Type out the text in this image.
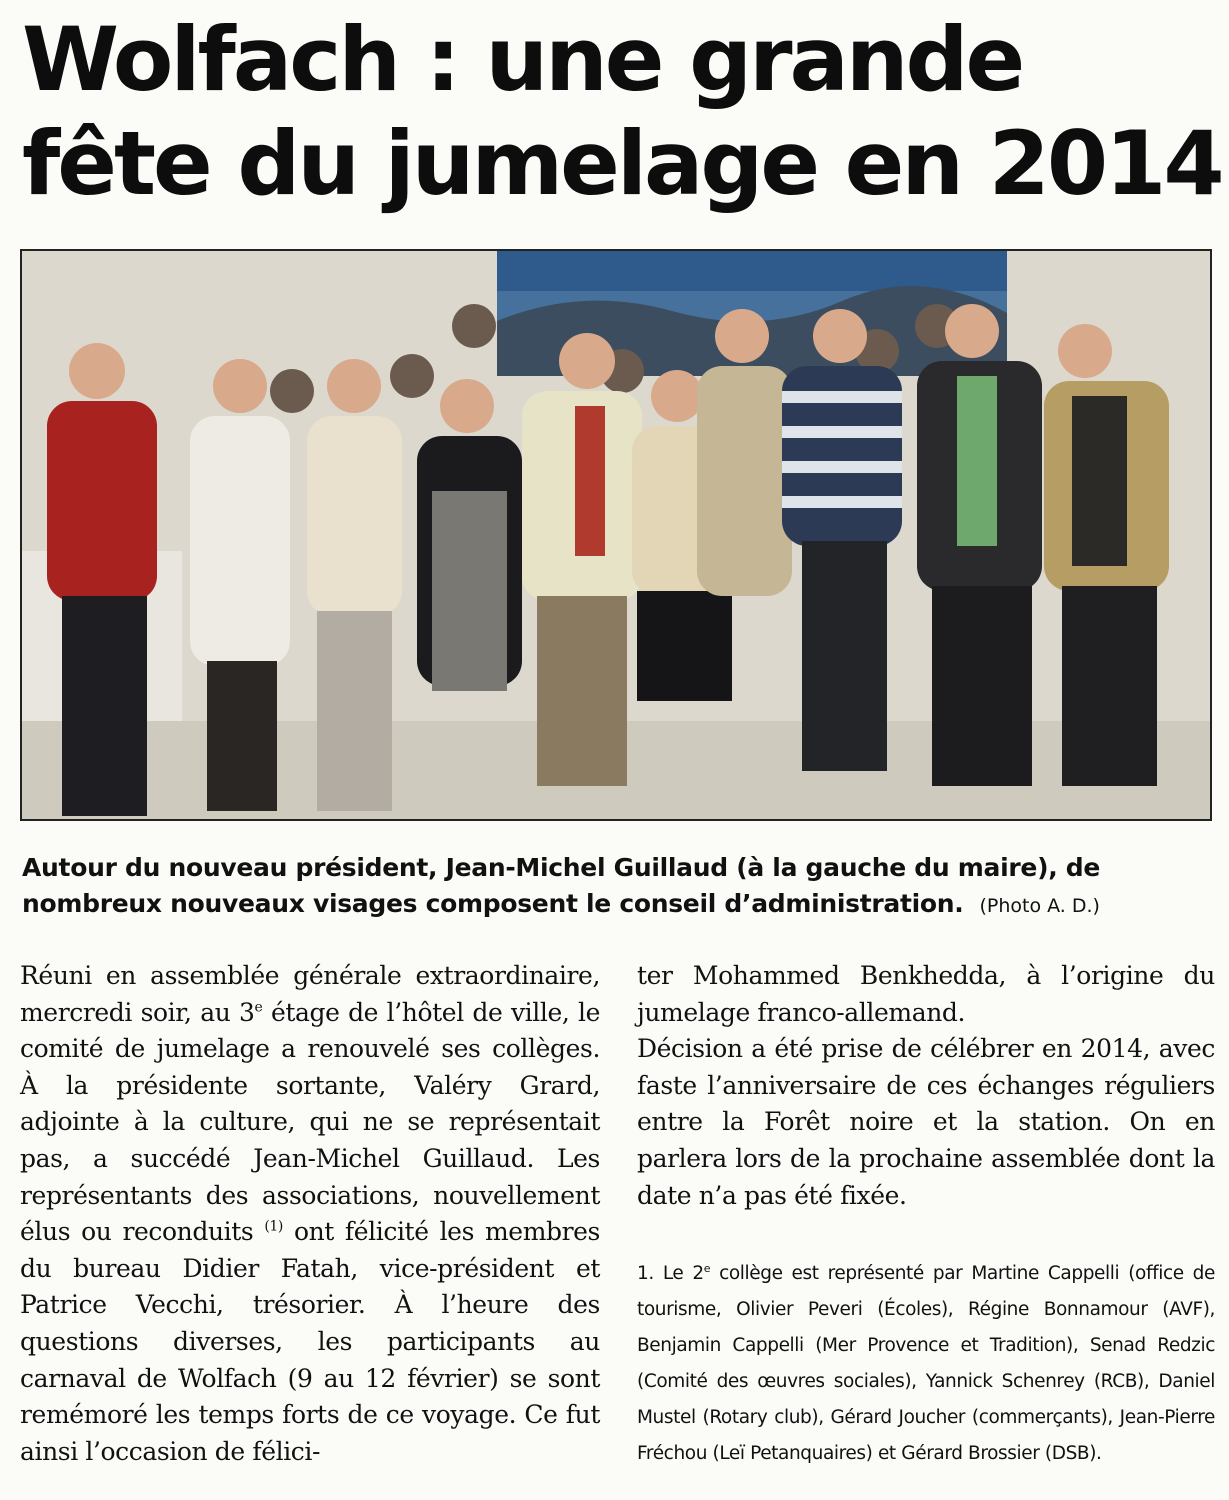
Wolfach : une grande
fête du jumelage en 2014
Autour du nouveau président, Jean-Michel Guillaud (à la gauche du maire), de nombreux nouveaux visages composent le conseil d’administration. (Photo A. D.)

Réuni en assemblée générale extraordinaire, mercredi soir, au 3e étage de l’hôtel de ville, le comité de jumelage a renouvelé ses collèges. À la présidente sortante, Valéry Grard, adjointe à la culture, qui ne se représentait pas, a succédé Jean-Michel Guillaud. Les représentants des associations, nouvellement élus ou reconduits $^{(1)}$ ont félicité les membres du bureau Didier Fatah, vice-président et Patrice Vecchi, trésorier. À l’heure des questions diverses, les participants au carnaval de Wolfach (9 au 12 février) se sont remémoré les temps forts de ce voyage. Ce fut ainsi l’occasion de félici-

ter Mohammed Benkhedda, à l’origine du jumelage franco-allemand.

Décision a été prise de célébrer en 2014, avec faste l’anniversaire de ces échanges réguliers entre la Forêt noire et la station. On en parlera lors de la prochaine assemblée dont la date n’a pas été fixée.

1. Le 2e collège est représenté par Martine Cappelli (office de tourisme, Olivier Peveri (Écoles), Régine Bonnamour (AVF), Benjamin Cappelli (Mer Provence et Tradition), Senad Redzic (Comité des œuvres sociales), Yannick Schenrey (RCB), Daniel Mustel (Rotary club), Gérard Joucher (commerçants), Jean-Pierre Fréchou (Leï Petanquaires) et Gérard Brossier (DSB).
